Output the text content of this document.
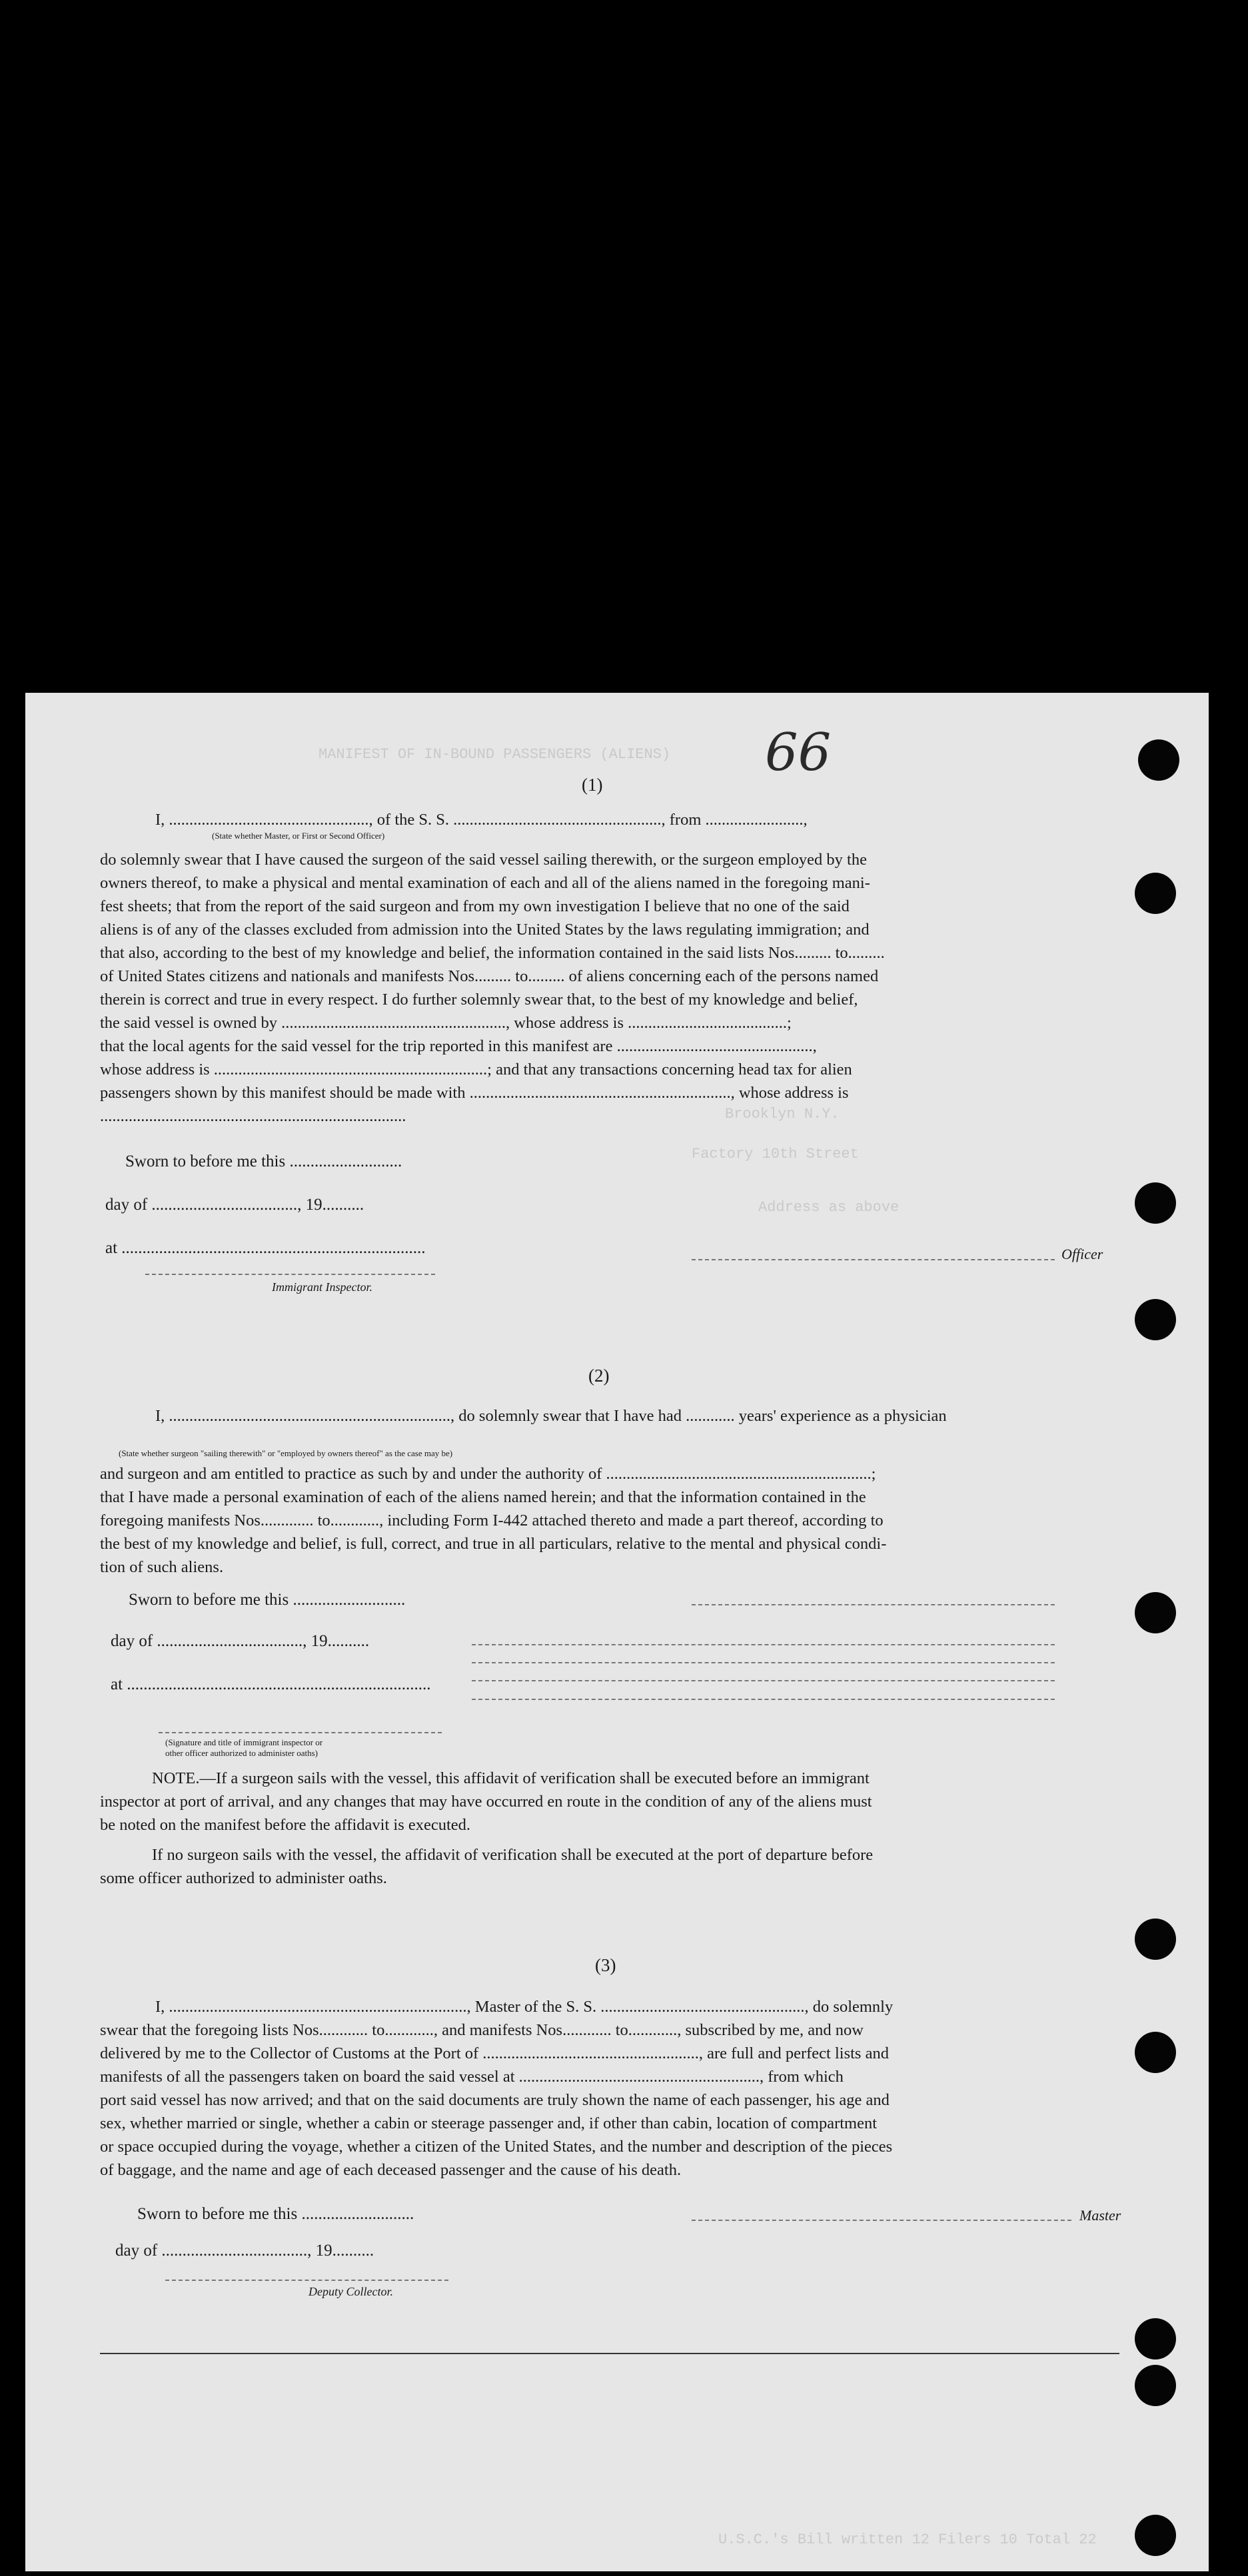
MANIFEST OF IN-BOUND PASSENGERS (ALIENS)
Brooklyn N.Y.
Factory 10th Street
Address as above
U.S.C.'s Bill written 12 Filers 10 Total 22
66
(1)
I, ................................................., of the S. S. ..................................................., from ........................,
(State whether Master, or First or Second Officer)
do solemnly swear that I have caused the surgeon of the said vessel sailing therewith, or the surgeon employed by the
owners thereof, to make a physical and mental examination of each and all of the aliens named in the foregoing mani-
fest sheets; that from the report of the said surgeon and from my own investigation I believe that no one of the said
aliens is of any of the classes excluded from admission into the United States by the laws regulating immigration; and
that also, according to the best of my knowledge and belief, the information contained in the said lists Nos......... to.........
of United States citizens and nationals and manifests Nos......... to......... of aliens concerning each of the persons named
therein is correct and true in every respect. I do further solemnly swear that, to the best of my knowledge and belief,
the said vessel is owned by ......................................................., whose address is .......................................;
that the local agents for the said vessel for the trip reported in this manifest are ................................................,
whose address is ...................................................................; and that any transactions concerning head tax for alien
passengers shown by this manifest should be made with ................................................................, whose address is
...........................................................................
Sworn to before me this ...........................
day of ..................................., 19..........
at .........................................................................	Officer
Immigrant Inspector.
(2)
I, ....................................................................., do solemnly swear that I have had ............ years' experience as a physician
(State whether surgeon "sailing therewith" or "employed by owners thereof" as the case may be)
and surgeon and am entitled to practice as such by and under the authority of .................................................................;
that I have made a personal examination of each of the aliens named herein; and that the information contained in the
foregoing manifests Nos............. to............, including Form I-442 attached thereto and made a part thereof, according to
the best of my knowledge and belief, is full, correct, and true in all particulars, relative to the mental and physical condi-
tion of such aliens.
Sworn to before me this ...........................
day of ..................................., 19..........
at .........................................................................
(Signature and title of immigrant inspector or
other officer authorized to administer oaths)
NOTE.—If a surgeon sails with the vessel, this affidavit of verification shall be executed before an immigrant
inspector at port of arrival, and any changes that may have occurred en route in the condition of any of the aliens must
be noted on the manifest before the affidavit is executed.
If no surgeon sails with the vessel, the affidavit of verification shall be executed at the port of departure before
some officer authorized to administer oaths.
(3)
I, ........................................................................., Master of the S. S. .................................................., do solemnly
swear that the foregoing lists Nos............ to............, and manifests Nos............ to............, subscribed by me, and now
delivered by me to the Collector of Customs at the Port of ....................................................., are full and perfect lists and
manifests of all the passengers taken on board the said vessel at ..........................................................., from which
port said vessel has now arrived; and that on the said documents are truly shown the name of each passenger, his age and
sex, whether married or single, whether a cabin or steerage passenger and, if other than cabin, location of compartment
or space occupied during the voyage, whether a citizen of the United States, and the number and description of the pieces
of baggage, and the name and age of each deceased passenger and the cause of his death.
Sworn to before me this ...........................	Master
day of ..................................., 19..........
Deputy Collector.
